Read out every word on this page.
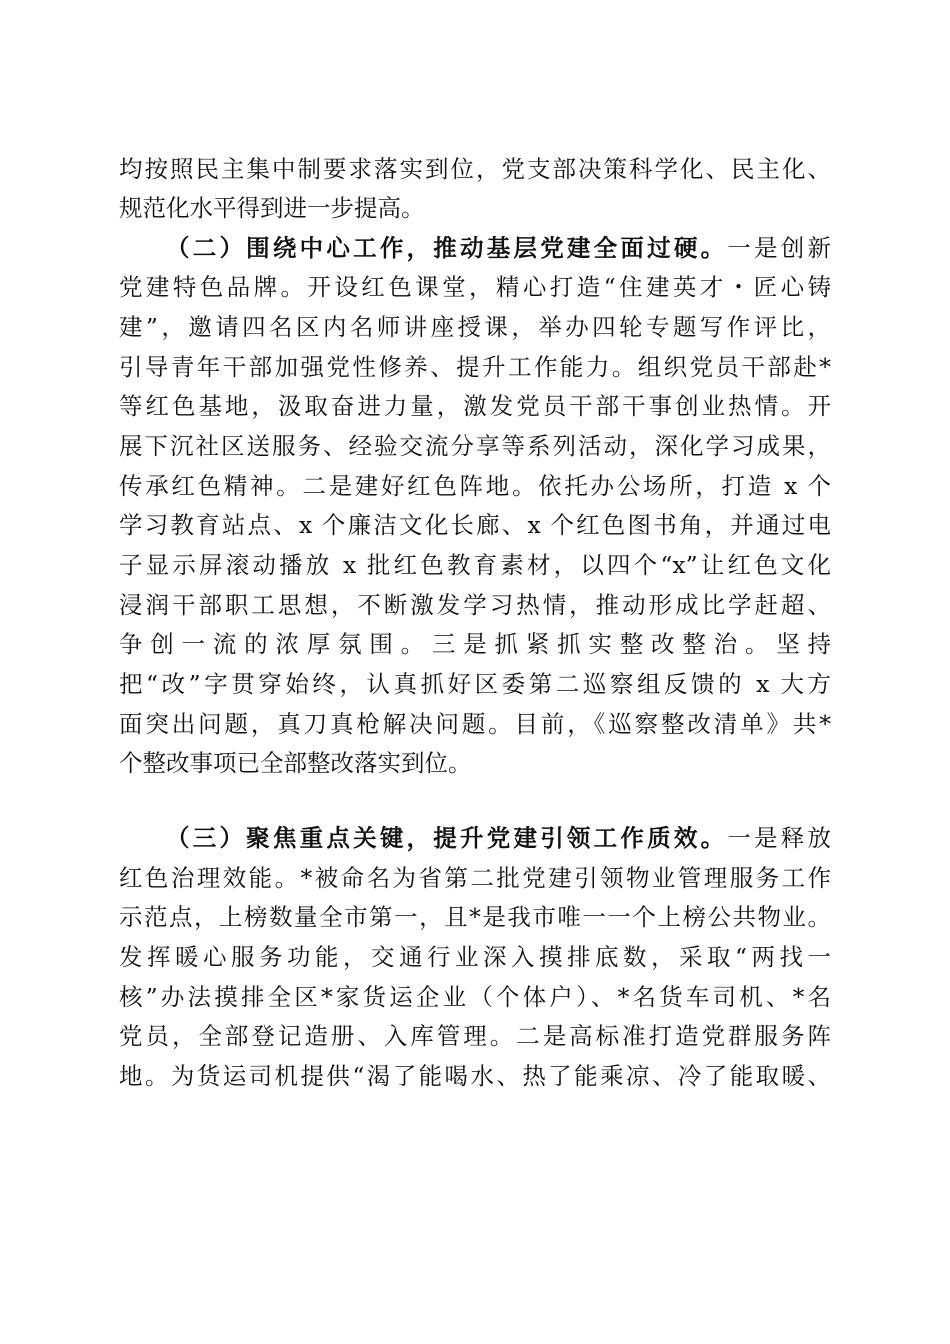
均按照民主集中制要求落实到位，党支部决策科学化、民主化、
规范化水平得到进一步提高。
（二）围绕中心工作，推动基层党建全面过硬。一是创新
党建特色品牌。开设红色课堂，精心打造“住建英才・匠心铸
建”，邀请四名区内名师讲座授课，举办四轮专题写作评比，
引导青年干部加强党性修养、提升工作能力。组织党员干部赴*
等红色基地，汲取奋进力量，激发党员干部干事创业热情。开
展下沉社区送服务、经验交流分享等系列活动，深化学习成果，
传承红色精神。二是建好红色阵地。依托办公场所，打造 x 个
学习教育站点、x 个廉洁文化长廊、x 个红色图书角，并通过电
子显示屏滚动播放 x 批红色教育素材，以四个“x”让红色文化
浸润干部职工思想，不断激发学习热情，推动形成比学赶超、
争创一流的浓厚氛围。三是抓紧抓实整改整治。坚持
把“改”字贯穿始终，认真抓好区委第二巡察组反馈的 x 大方
面突出问题，真刀真枪解决问题。目前，《巡察整改清单》共*
个整改事项已全部整改落实到位。
（三）聚焦重点关键，提升党建引领工作质效。一是释放
红色治理效能。*被命名为省第二批党建引领物业管理服务工作
示范点，上榜数量全市第一，且*是我市唯一一个上榜公共物业。
发挥暖心服务功能，交通行业深入摸排底数，采取“两找一
核”办法摸排全区*家货运企业（个体户）、*名货车司机、*名
党员，全部登记造册、入库管理。二是高标准打造党群服务阵
地。为货运司机提供“渴了能喝水、热了能乘凉、冷了能取暖、
